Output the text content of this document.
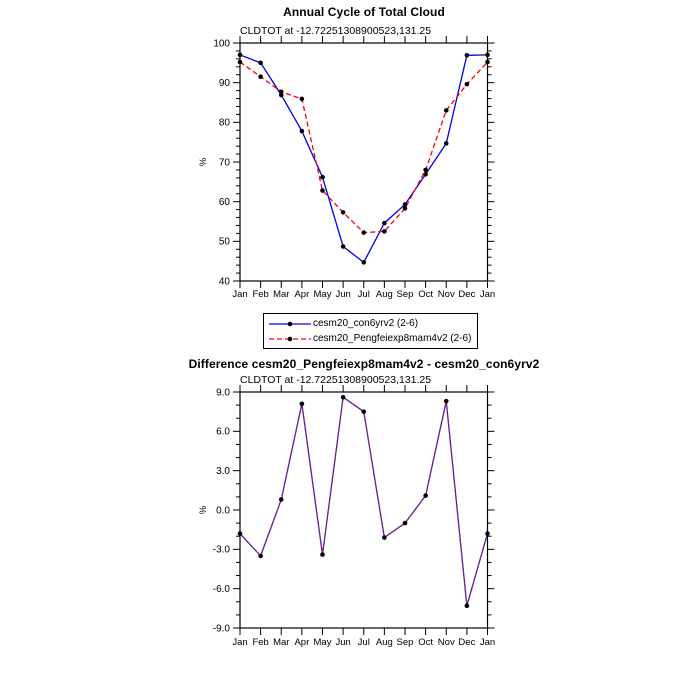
Annual Cycle of Total Cloud
CLDTOT at -12.72251308900523,131.25
Jan Feb Mar Apr May Jun Jul Aug Sep Oct Nov Dec Jan
40
50
60
70
80
90
100
%
Jan Feb Mar Apr May Jun Jul Aug Sep Oct Nov Dec Jan
-9.0
-6.0
-3.0
0.0
3.0
6.0
9.0
%
cesm20_con6yrv2 (2-6)
cesm20_Pengfeiexp8mam4v2 (2-6)
Difference cesm20_Pengfeiexp8mam4v2 - cesm20_con6yrv2
CLDTOT at -12.72251308900523,131.25
